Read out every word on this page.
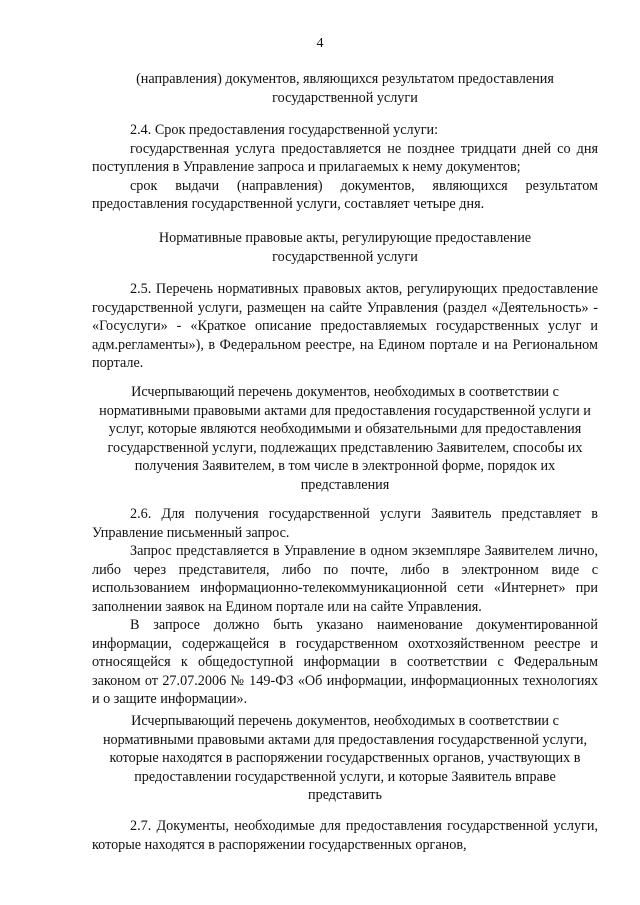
4

(направления) документов, являющихся результатом предоставления государственной услуги

2.4. Срок предоставления государственной услуги:

государственная услуга предоставляется не позднее тридцати дней со дня поступления в Управление запроса и прилагаемых к нему документов;

срок выдачи (направления) документов, являющихся результатом предоставления государственной услуги, составляет четыре дня.

Нормативные правовые акты, регулирующие предоставление государственной услуги

2.5. Перечень нормативных правовых актов, регулирующих предоставление государственной услуги, размещен на сайте Управления (раздел «Деятельность» - «Госуслуги» - «Краткое описание предоставляемых государственных услуг и адм.регламенты»), в Федеральном реестре, на Едином портале и на Региональном портале.

Исчерпывающий перечень документов, необходимых в соответствии с нормативными правовыми актами для предоставления государственной услуги и услуг, которые являются необходимыми и обязательными для предоставления государственной услуги, подлежащих представлению Заявителем, способы их получения Заявителем, в том числе в электронной форме, порядок их представления

2.6. Для получения государственной услуги Заявитель представляет в Управление письменный запрос.

Запрос представляется в Управление в одном экземпляре Заявителем лично, либо через представителя, либо по почте, либо в электронном виде с использованием информационно-телекоммуникационной сети «Интернет» при заполнении заявок на Едином портале или на сайте Управления.

В запросе должно быть указано наименование документированной информации, содержащейся в государственном охотхозяйственном реестре и относящейся к общедоступной информации в соответствии с Федеральным законом от 27.07.2006 № 149-ФЗ «Об информации, информационных технологиях и о защите информации».

Исчерпывающий перечень документов, необходимых в соответствии с нормативными правовыми актами для предоставления государственной услуги, которые находятся в распоряжении государственных органов, участвующих в предоставлении государственной услуги, и которые Заявитель вправе представить

2.7. Документы, необходимые для предоставления государственной услуги, которые находятся в распоряжении государственных органов,
